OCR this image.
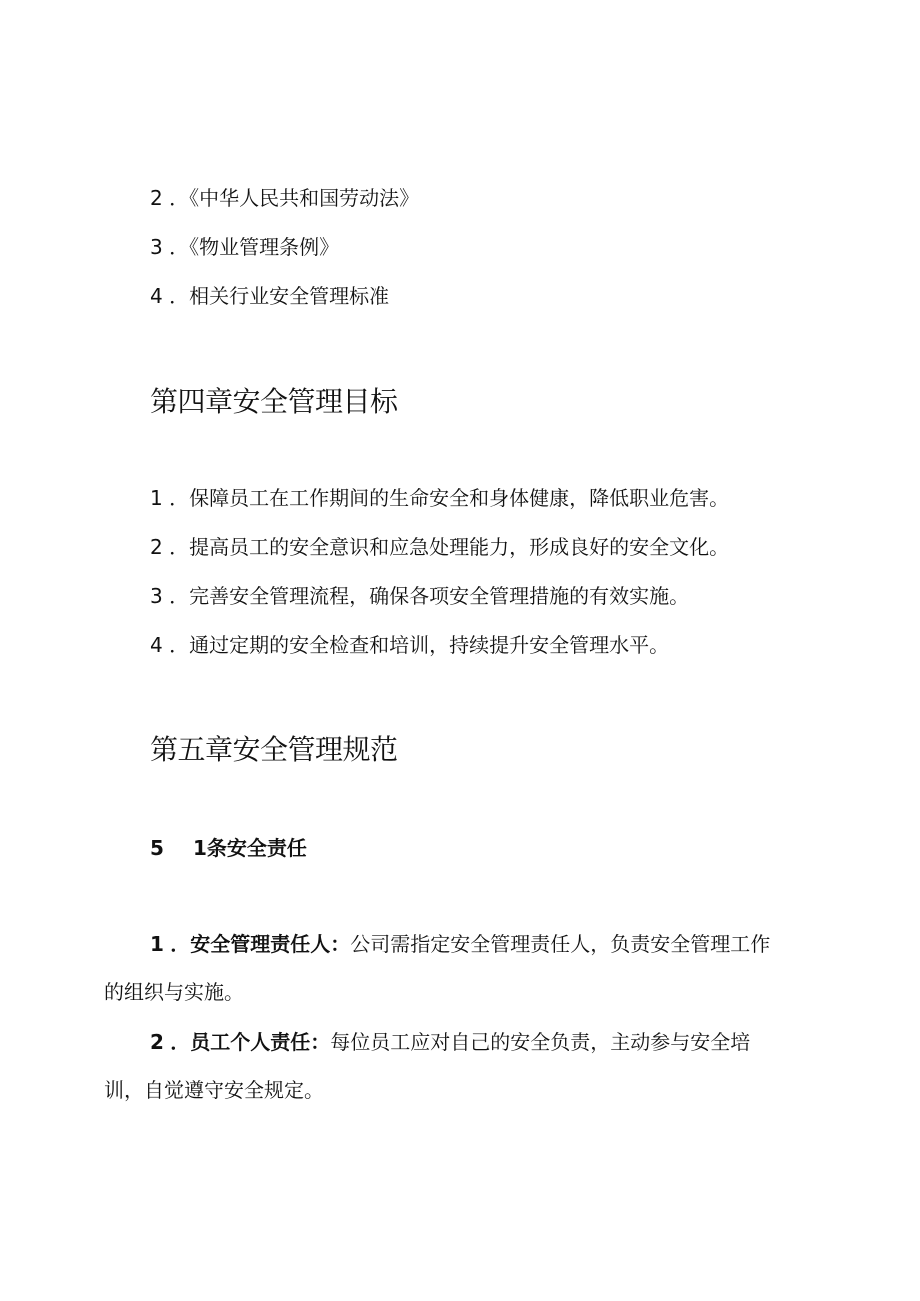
2 ．《中华人民共和国劳动法》
3 ．《物业管理条例》
4 ．相关行业安全管理标准
第四章安全管理目标
1 ．保障员工在工作期间的生命安全和身体健康，降低职业危害。
2 ．提高员工的安全意识和应急处理能力，形成良好的安全文化。
3 ．完善安全管理流程，确保各项安全管理措施的有效实施。
4 ．通过定期的安全检查和培训，持续提升安全管理水平。
第五章安全管理规范
5 1条安全责任
1 ．安全管理责任人：公司需指定安全管理责任人，负责安全管理工作
的组织与实施。
2 ．员工个人责任：每位员工应对自己的安全负责，主动参与安全培
训，自觉遵守安全规定。
